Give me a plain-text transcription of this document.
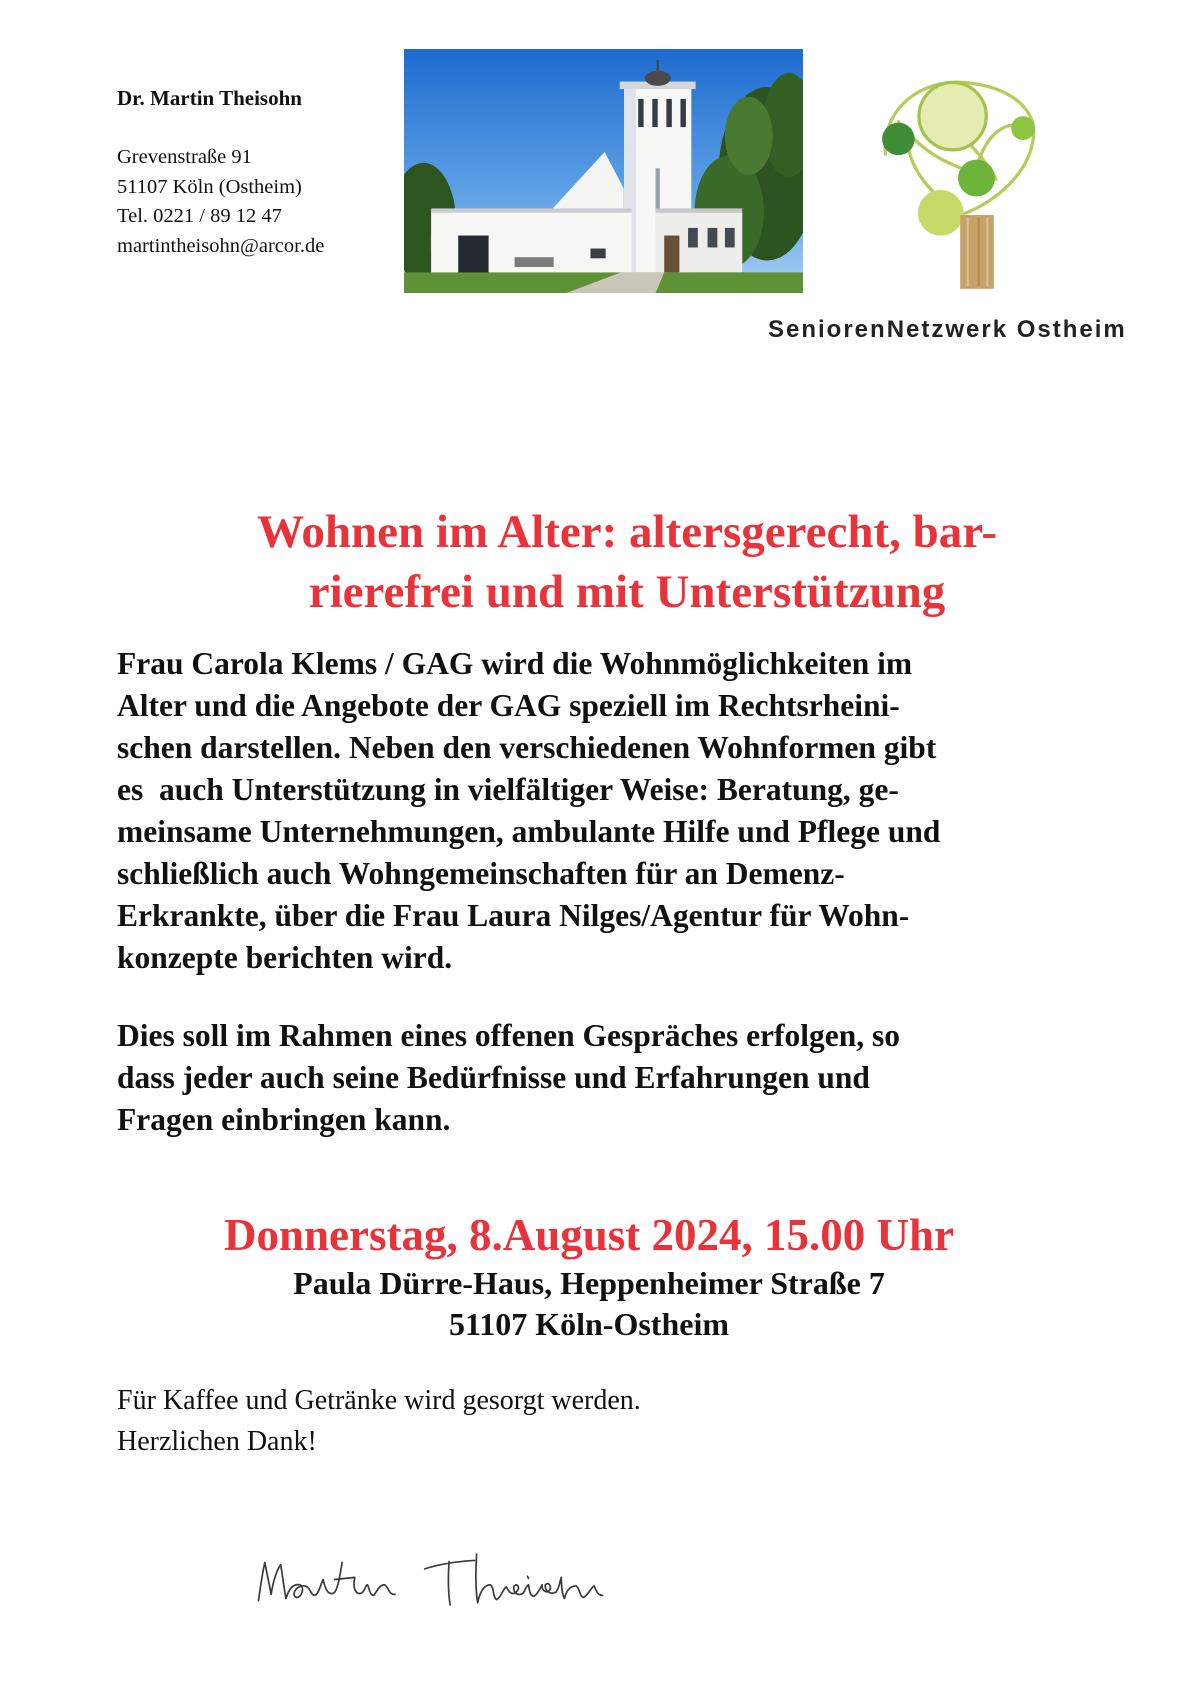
Dr. Martin Theisohn
Grevenstraße 91
51107 Köln (Ostheim)
Tel. 0221 / 89 12 47
martintheisohn@arcor.de
SeniorenNetzwerk Ostheim
Wohnen im Alter: altersgerecht, bar-
rierefrei und mit Unterstützung
Frau Carola Klems / GAG wird die Wohnmöglichkeiten im
Alter und die Angebote der GAG speziell im Rechtsrheini-
schen darstellen. Neben den verschiedenen Wohnformen gibt
es  auch Unterstützung in vielfältiger Weise: Beratung, ge-
meinsame Unternehmungen, ambulante Hilfe und Pflege und
schließlich auch Wohngemeinschaften für an Demenz-
Erkrankte, über die Frau Laura Nilges/Agentur für Wohn-
konzepte berichten wird.
Dies soll im Rahmen eines offenen Gespräches erfolgen, so
dass jeder auch seine Bedürfnisse und Erfahrungen und
Fragen einbringen kann.
Donnerstag, 8.August 2024, 15.00 Uhr
Paula Dürre-Haus, Heppenheimer Straße 7
51107 Köln-Ostheim
Für Kaffee und Getränke wird gesorgt werden.
Herzlichen Dank!
